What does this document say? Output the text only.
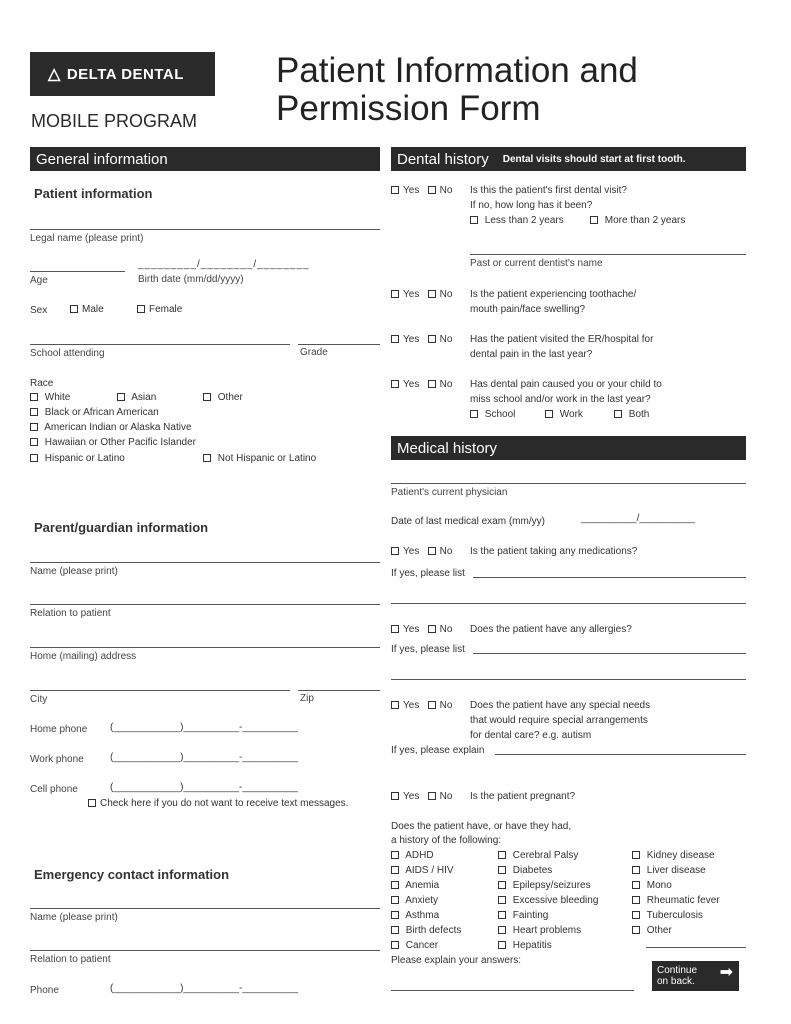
△ DELTA DENTAL
MOBILE PROGRAM
Patient Information and Permission Form
General information
Patient information
Legal name (please print)
_________/________/________
Age	Birth date (mm/dd/yyyy)
Sex	Male	Female
School attending	Grade
Race
White	Asian	Other
Black or African American
American Indian or Alaska Native
Hawaiian or Other Pacific Islander
Hispanic or Latino	Not Hispanic or Latino
Parent/guardian information
Name (please print)
Relation to patient
Home (mailing) address
City	Zip
Home phone (____________)__________-__________
Work phone	(____________)__________-__________
Cell phone	(____________)__________-__________
Check here if you do not want to receive text messages.
Emergency contact information
Name (please print)
Relation to patient
Phone	(____________)__________-__________
Dental history Dental visits should start at first tooth.
Yes No Is this the patient's first dental visit?
If no, how long has it been?
Less than 2 years	More than 2 years
Past or current dentist's name
Yes No Is the patient experiencing toothache/
mouth pain/face swelling?
Yes No Has the patient visited the ER/hospital for
dental pain in the last year?
Yes No Has dental pain caused you or your child to
miss school and/or work in the last year?
School	Work	Both
Medical history
Patient's current physician
Date of last medical exam (mm/yy)	__________/__________
Yes No Is the patient taking any medications?
If yes, please list
Yes No Does the patient have any allergies?
If yes, please list
Yes No Does the patient have any special needs
that would require special arrangements
for dental care? e.g. autism
If yes, please explain
Yes No Is the patient pregnant?
Does the patient have, or have they had,
a history of the following:
ADHD
AIDS / HIV
Anemia
Anxiety
Asthma
Birth defects
Cancer
Cerebral Palsy
Diabetes
Epilepsy/seizures
Excessive bleeding
Fainting
Heart problems
Hepatitis
Kidney disease
Liver disease
Mono
Rheumatic fever
Tuberculosis
Other
Please explain your answers:
Continue
on back.
➡
